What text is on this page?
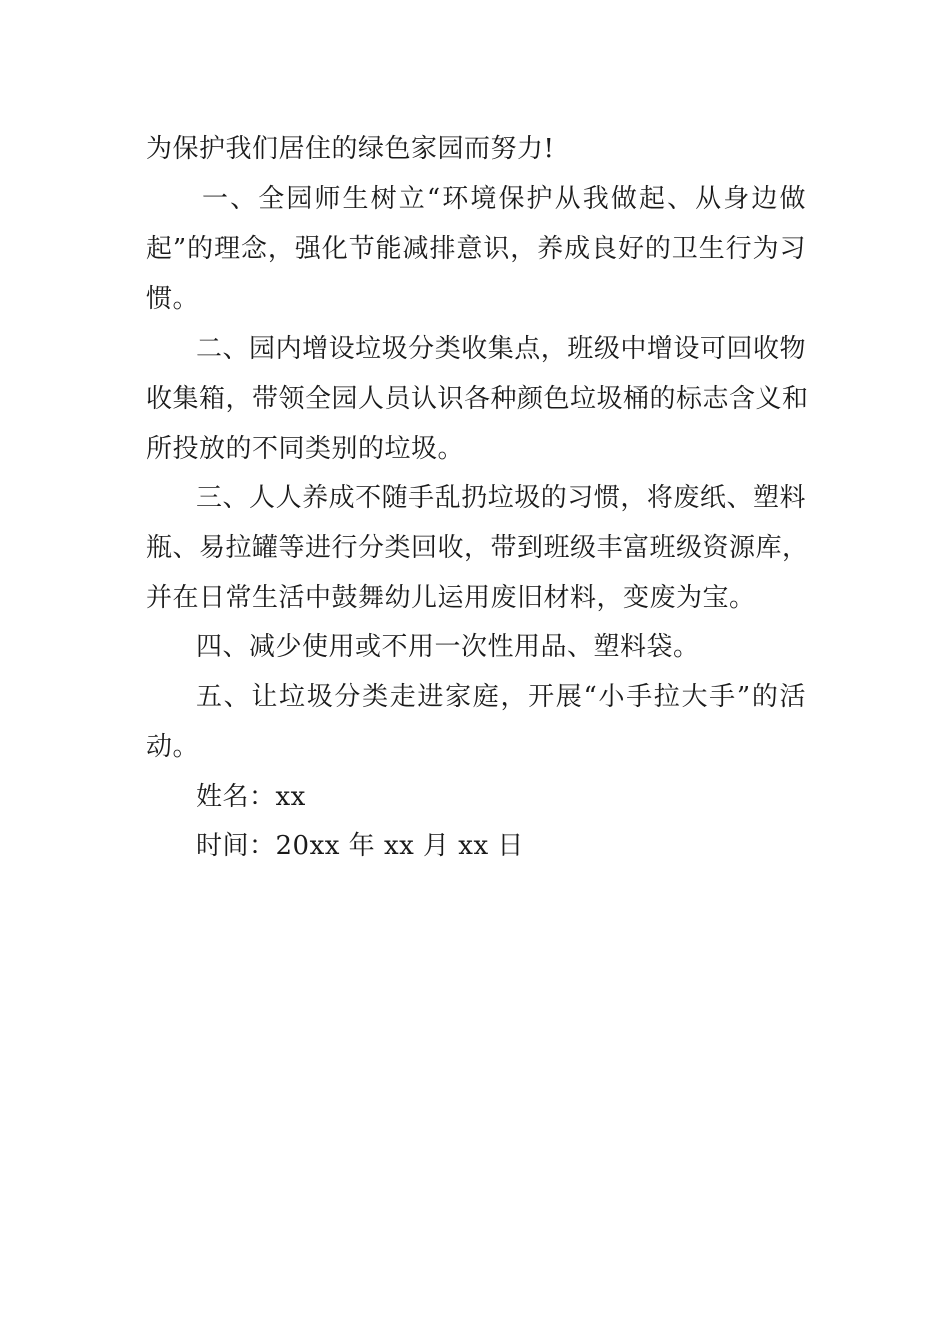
为保护我们居住的绿色家园而努力!
一、全园师生树立“环境保护从我做起、从身边做
起”的理念，强化节能减排意识，养成良好的卫生行为习
惯。
二、园内增设垃圾分类收集点，班级中增设可回收物
收集箱，带领全园人员认识各种颜色垃圾桶的标志含义和
所投放的不同类别的垃圾。
三、人人养成不随手乱扔垃圾的习惯，将废纸、塑料
瓶、易拉罐等进行分类回收，带到班级丰富班级资源库，
并在日常生活中鼓舞幼儿运用废旧材料，变废为宝。
四、减少使用或不用一次性用品、塑料袋。
五、让垃圾分类走进家庭，开展“小手拉大手”的活
动。
姓名：xx
时间：20xx 年 xx 月 xx 日
